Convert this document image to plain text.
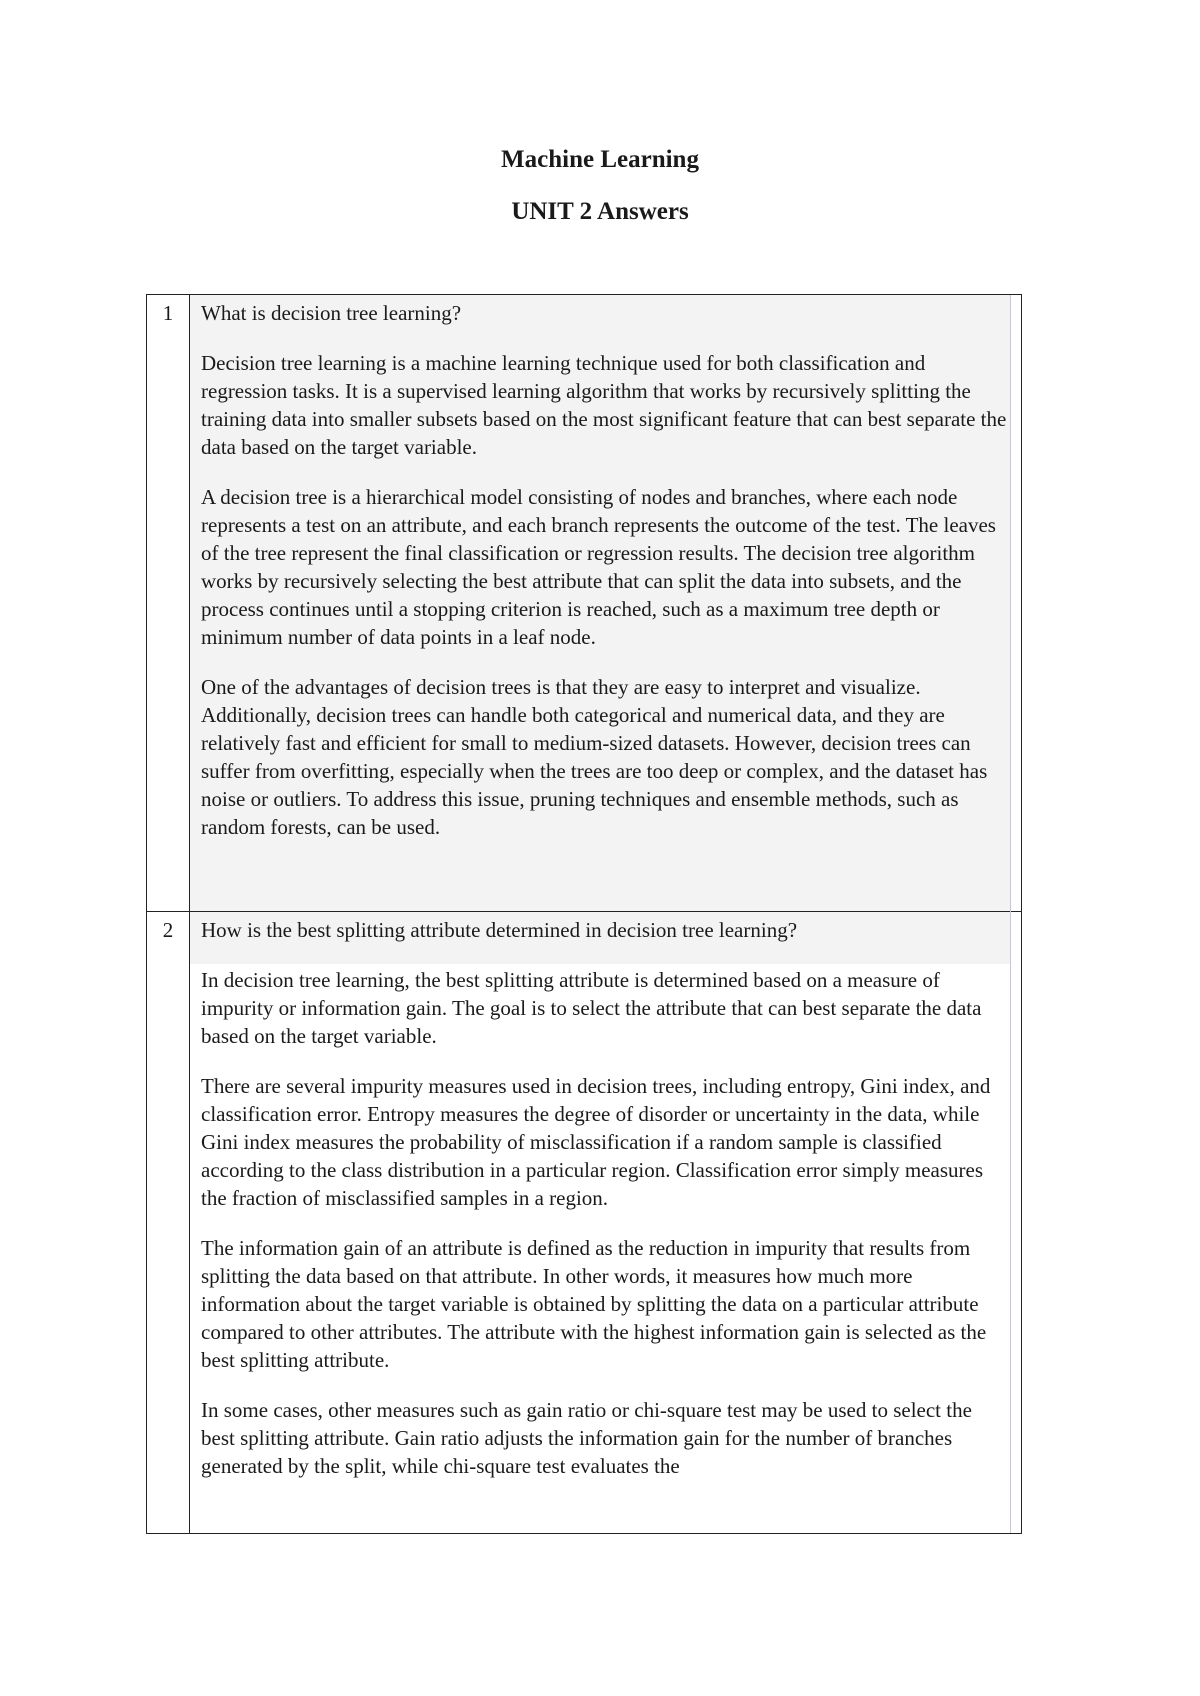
Machine Learning
UNIT 2 Answers
1	What is decision tree learning?

Decision tree learning is a machine learning technique used for both classification and regression tasks. It is a supervised learning algorithm that works by recursively splitting the training data into smaller subsets based on the most significant feature that can best separate the data based on the target variable.

A decision tree is a hierarchical model consisting of nodes and branches, where each node represents a test on an attribute, and each branch represents the outcome of the test. The leaves of the tree represent the final classification or regression results. The decision tree algorithm works by recursively selecting the best attribute that can split the data into subsets, and the process continues until a stopping criterion is reached, such as a maximum tree depth or minimum number of data points in a leaf node.

One of the advantages of decision trees is that they are easy to interpret and visualize. Additionally, decision trees can handle both categorical and numerical data, and they are relatively fast and efficient for small to medium-sized datasets. However, decision trees can suffer from overfitting, especially when the trees are too deep or complex, and the dataset has noise or outliers. To address this issue, pruning techniques and ensemble methods, such as random forests, can be used.

2	How is the best splitting attribute determined in decision tree learning?

In decision tree learning, the best splitting attribute is determined based on a measure of impurity or information gain. The goal is to select the attribute that can best separate the data based on the target variable.

There are several impurity measures used in decision trees, including entropy, Gini index, and classification error. Entropy measures the degree of disorder or uncertainty in the data, while Gini index measures the probability of misclassification if a random sample is classified according to the class distribution in a particular region. Classification error simply measures the fraction of misclassified samples in a region.

The information gain of an attribute is defined as the reduction in impurity that results from splitting the data based on that attribute. In other words, it measures how much more information about the target variable is obtained by splitting the data on a particular attribute compared to other attributes. The attribute with the highest information gain is selected as the best splitting attribute.

In some cases, other measures such as gain ratio or chi-square test may be used to select the best splitting attribute. Gain ratio adjusts the information gain for the number of branches generated by the split, while chi-square test evaluates the
